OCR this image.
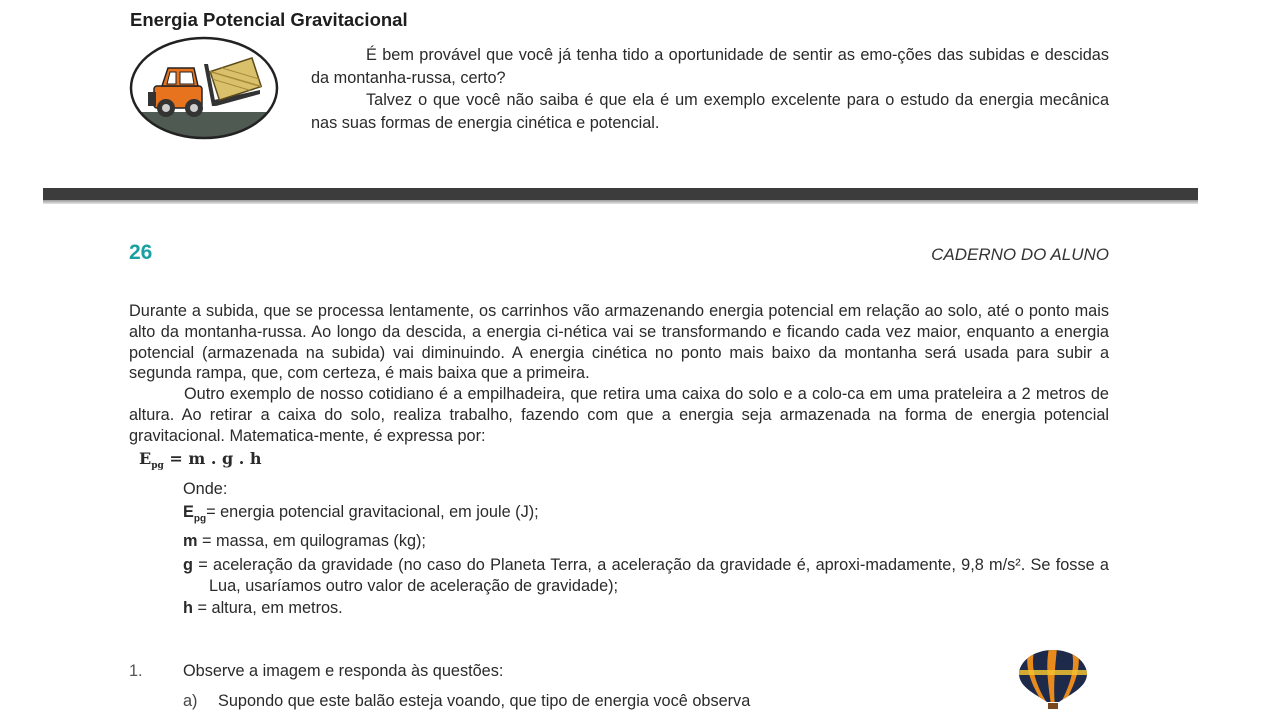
Energia Potencial Gravitacional

É bem provável que você já tenha tido a oportunidade de sentir as emo-ções das subidas e descidas da montanha-russa, certo?

Talvez o que você não saiba é que ela é um exemplo excelente para o estudo da energia mecânica nas suas formas de energia cinética e potencial.

26	CADERNO DO ALUNO

Durante a subida, que se processa lentamente, os carrinhos vão armazenando energia potencial em relação ao solo, até o ponto mais alto da montanha-russa. Ao longo da descida, a energia ci-nética vai se transformando e ficando cada vez maior, enquanto a energia potencial (armazenada na subida) vai diminuindo. A energia cinética no ponto mais baixo da montanha será usada para subir a segunda rampa, que, com certeza, é mais baixa que a primeira.

Outro exemplo de nosso cotidiano é a empilhadeira, que retira uma caixa do solo e a colo-ca em uma prateleira a 2 metros de altura. Ao retirar a caixa do solo, realiza trabalho, fazendo com que a energia seja armazenada na forma de energia potencial gravitacional. Matematica-mente, é expressa por:

$E_{pg} = m$ . g . h

Onde:

$E_{pg}=$ energia potencial gravitacional, em joule (J);

m = massa, em quilogramas (kg);

g = aceleração da gravidade (no caso do Planeta Terra, a aceleração da gravidade é, aproxi-madamente, 9,8 m/s². Se fosse a Lua, usaríamos outro valor de aceleração de gravidade);

h = altura, em metros.

1.	Observe a imagem e responda às questões:
a)	Supondo que este balão esteja voando, que tipo de energia você observa
